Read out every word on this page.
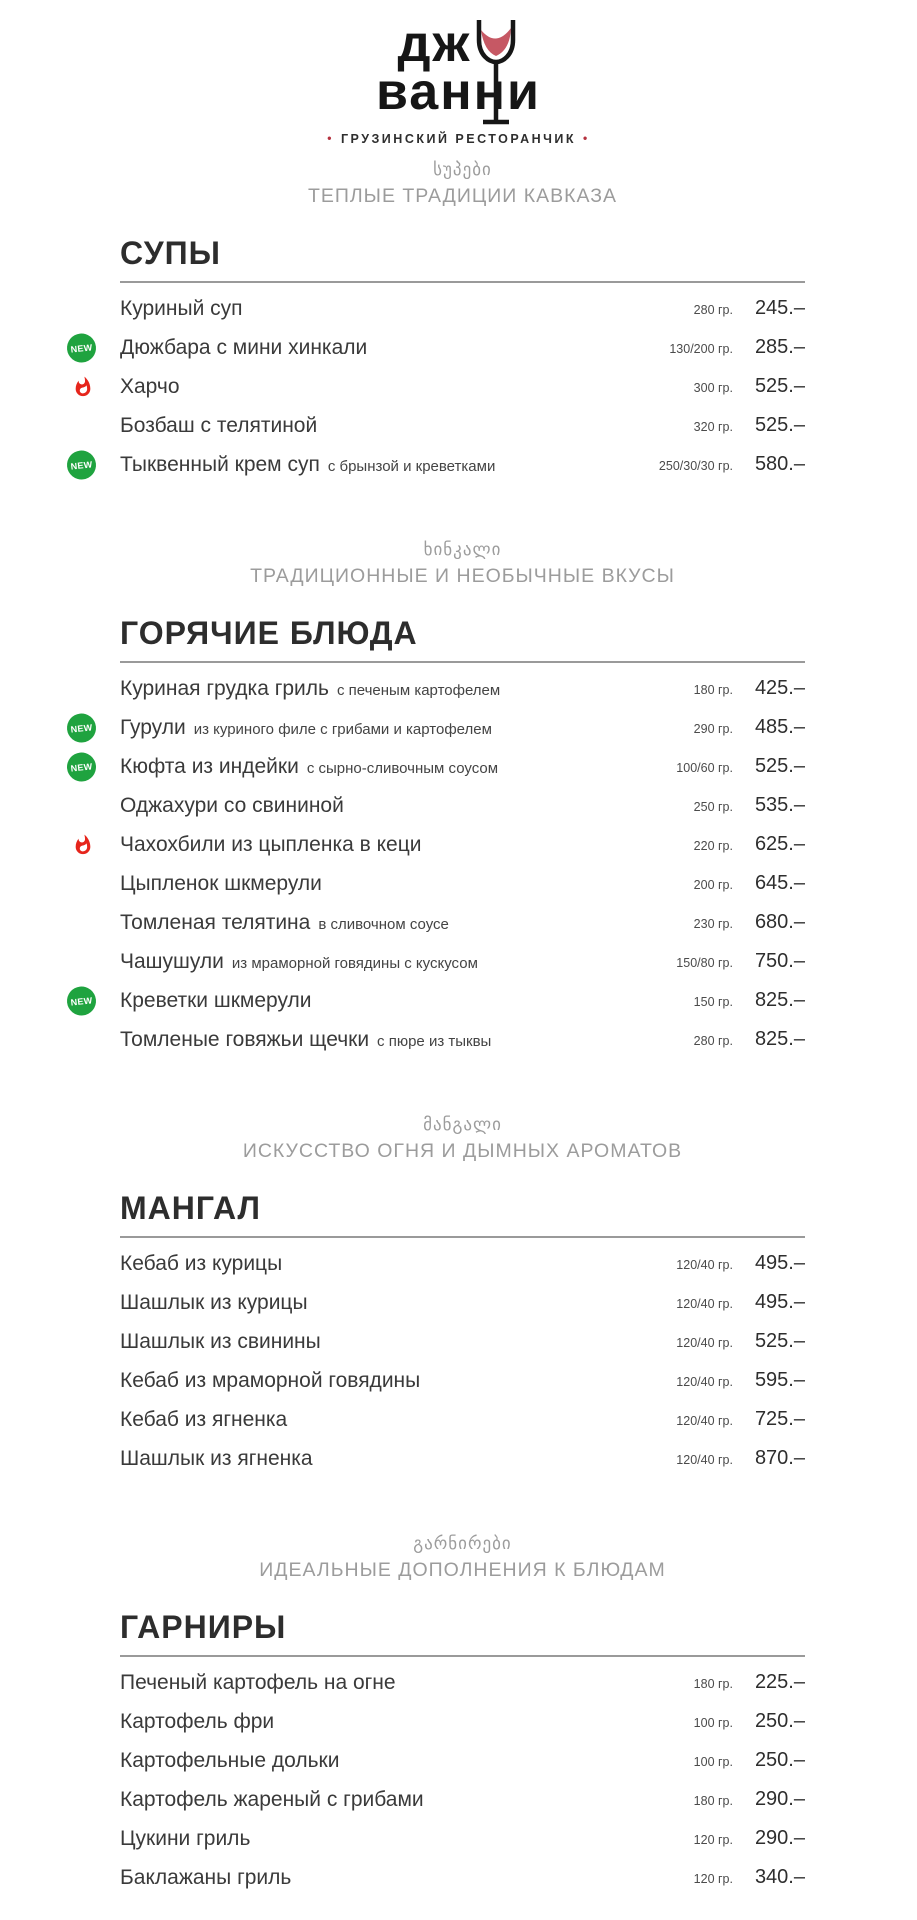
дж
ванни
• ГРУЗИНСКИЙ РЕСТОРАНЧИК •
სუპები
ТЕПЛЫЕ ТРАДИЦИИ КАВКАЗА
СУПЫ
Куриный суп	280 гр.	245.–
NEW Дюжбара с мини хинкали	130/200 гр.	285.–
Харчо	300 гр.	525.–
Бозбаш с телятиной	320 гр.	525.–
NEW Тыквенный крем суп с брынзой и креветками	250/30/30 гр.	580.–
ხინკალი
ТРАДИЦИОННЫЕ И НЕОБЫЧНЫЕ ВКУСЫ
ГОРЯЧИЕ БЛЮДА
Куриная грудка гриль с печеным картофелем	180 гр.	425.–
NEW Гурули из куриного филе с грибами и картофелем	290 гр.	485.–
NEW Кюфта из индейки с сырно-сливочным соусом	100/60 гр.	525.–
Оджахури со свининой	250 гр.	535.–
Чахохбили из цыпленка в кеци	220 гр.	625.–
Цыпленок шкмерули	200 гр.	645.–
Томленая телятина в сливочном соусе	230 гр.	680.–
Чашушули из мраморной говядины с кускусом	150/80 гр.	750.–
NEW Креветки шкмерули	150 гр.	825.–
Томленые говяжьи щечки с пюре из тыквы	280 гр.	825.–
მანგალი
ИСКУССТВО ОГНЯ И ДЫМНЫХ АРОМАТОВ
МАНГАЛ
Кебаб из курицы	120/40 гр.	495.–
Шашлык из курицы	120/40 гр.	495.–
Шашлык из свинины	120/40 гр.	525.–
Кебаб из мраморной говядины	120/40 гр.	595.–
Кебаб из ягненка	120/40 гр.	725.–
Шашлык из ягненка	120/40 гр.	870.–
გარნირები
ИДЕАЛЬНЫЕ ДОПОЛНЕНИЯ К БЛЮДАМ
ГАРНИРЫ
Печеный картофель на огне	180 гр.	225.–
Картофель фри	100 гр.	250.–
Картофельные дольки	100 гр.	250.–
Картофель жареный с грибами	180 гр.	290.–
Цукини гриль	120 гр.	290.–
Баклажаны гриль	120 гр.	340.–
